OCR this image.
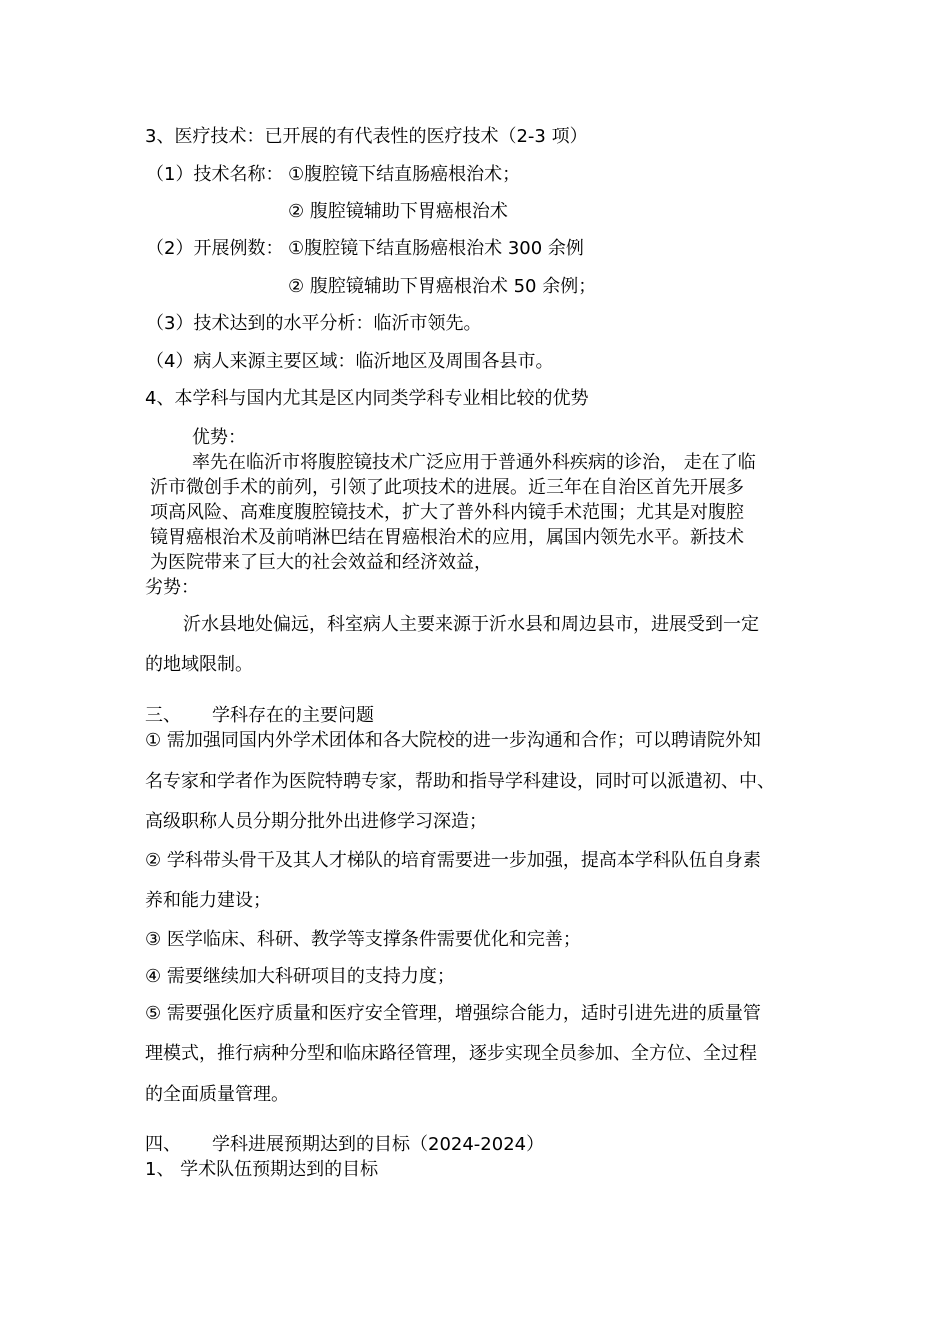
3、医疗技术：已开展的有代表性的医疗技术（2-3 项）
（1）技术名称： ①腹腔镜下结直肠癌根治术；
② 腹腔镜辅助下胃癌根治术
（2）开展例数： ①腹腔镜下结直肠癌根治术 300 余例
② 腹腔镜辅助下胃癌根治术 50 余例；
（3）技术达到的水平分析：临沂市领先。
（4）病人来源主要区域：临沂地区及周围各县市。
4、本学科与国内尤其是区内同类学科专业相比较的优势
优势：
率先在临沂市将腹腔镜技术广泛应用于普通外科疾病的诊治， 走在了临
沂市微创手术的前列，引领了此项技术的进展。近三年在自治区首先开展多
项高风险、高难度腹腔镜技术，扩大了普外科内镜手术范围；尤其是对腹腔
镜胃癌根治术及前哨淋巴结在胃癌根治术的应用，属国内领先水平。新技术
为医院带来了巨大的社会效益和经济效益，
劣势：
沂水县地处偏远，科室病人主要来源于沂水县和周边县市，进展受到一定
的地域限制。
三、 学科存在的主要问题
① 需加强同国内外学术团体和各大院校的进一步沟通和合作；可以聘请院外知
名专家和学者作为医院特聘专家，帮助和指导学科建设，同时可以派遣初、中、
高级职称人员分期分批外出进修学习深造；
② 学科带头骨干及其人才梯队的培育需要进一步加强，提高本学科队伍自身素
养和能力建设；
③ 医学临床、科研、教学等支撑条件需要优化和完善；
④ 需要继续加大科研项目的支持力度；
⑤ 需要强化医疗质量和医疗安全管理，增强综合能力，适时引进先进的质量管
理模式，推行病种分型和临床路径管理，逐步实现全员参加、全方位、全过程
的全面质量管理。
四、 学科进展预期达到的目标（2024-2024）
1、 学术队伍预期达到的目标
